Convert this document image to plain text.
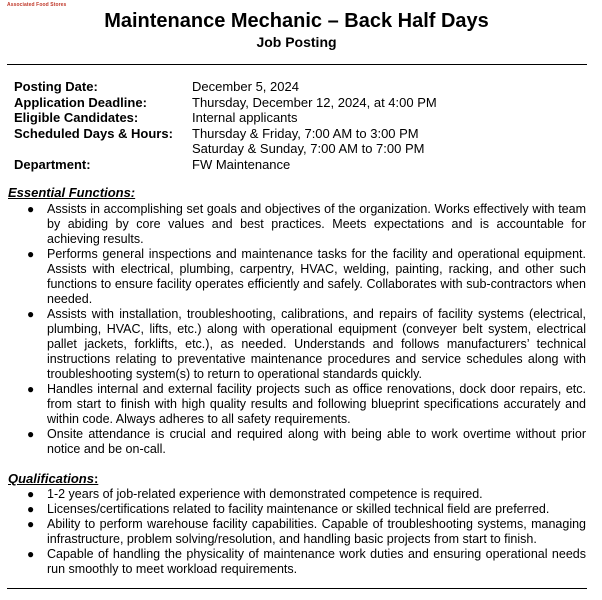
Associated Food Stores
Maintenance Mechanic – Back Half Days
Job Posting
Posting Date:	December 5, 2024
Application Deadline:	Thursday, December 12, 2024, at 4:00 PM
Eligible Candidates:	Internal applicants
Scheduled Days & Hours:	Thursday & Friday, 7:00 AM to 3:00 PM
Saturday & Sunday, 7:00 AM to 7:00 PM
Department:	FW Maintenance
Essential Functions:
● Assists in accomplishing set goals and objectives of the organization. Works effectively with team by abiding by core values and best practices. Meets expectations and is accountable for achieving results.
● Performs general inspections and maintenance tasks for the facility and operational equipment. Assists with electrical, plumbing, carpentry, HVAC, welding, painting, racking, and other such functions to ensure facility operates efficiently and safely. Collaborates with sub-contractors when needed.
● Assists with installation, troubleshooting, calibrations, and repairs of facility systems (electrical, plumbing, HVAC, lifts, etc.) along with operational equipment (conveyer belt system, electrical pallet jackets, forklifts, etc.), as needed. Understands and follows manufacturers’ technical instructions relating to preventative maintenance procedures and service schedules along with troubleshooting system(s) to return to operational standards quickly.
● Handles internal and external facility projects such as office renovations, dock door repairs, etc. from start to finish with high quality results and following blueprint specifications accurately and within code. Always adheres to all safety requirements.
● Onsite attendance is crucial and required along with being able to work overtime without prior notice and be on-call.
Qualifications:
● 1-2 years of job-related experience with demonstrated competence is required.
● Licenses/certifications related to facility maintenance or skilled technical field are preferred.
● Ability to perform warehouse facility capabilities. Capable of troubleshooting systems, managing infrastructure, problem solving/resolution, and handling basic projects from start to finish.
● Capable of handling the physicality of maintenance work duties and ensuring operational needs run smoothly to meet workload requirements.
